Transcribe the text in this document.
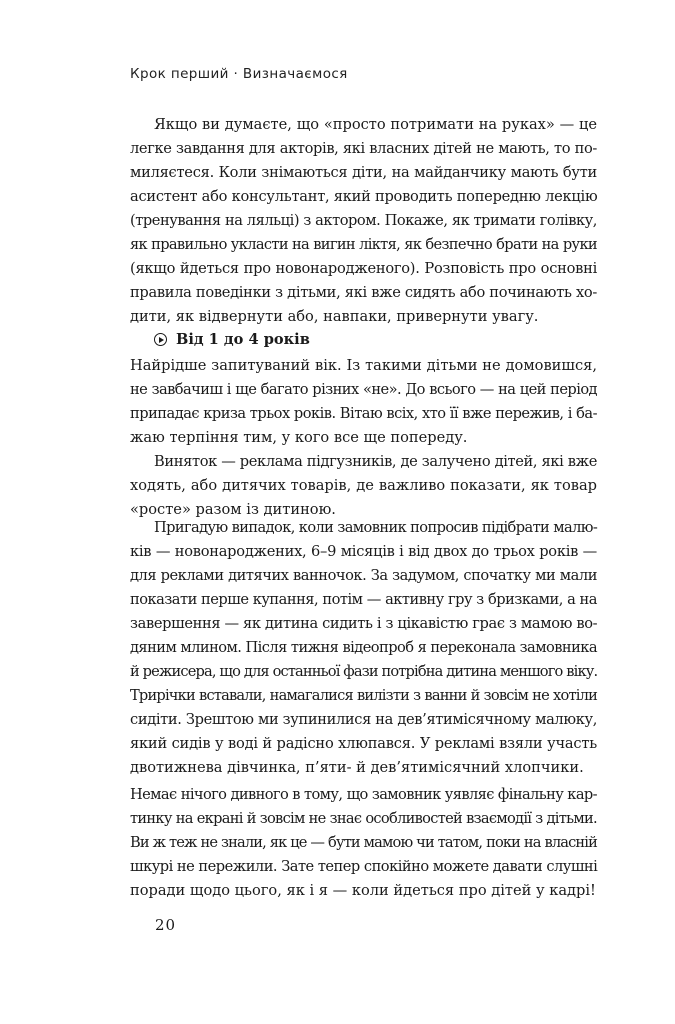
Крок перший · Визначаємося
Якщо ви думаєте, що «просто потримати на руках» — це
легке завдання для акторів, які власних дітей не мають, то по-
миляєтеся. Коли знімаються діти, на майданчику мають бути
асистент або консультант, який проводить попередню лекцію
(тренування на ляльці) з актором. Покаже, як тримати голівку,
як правильно укласти на вигин ліктя, як безпечно брати на руки
(якщо йдеться про новонародженого). Розповість про основні
правила поведінки з дітьми, які вже сидять або починають хо-
дити, як відвернути або, навпаки, привернути увагу.
Від 1 до 4 років
Найрідше запитуваний вік. Із такими дітьми не домовишся,
не завбачиш і ще багато різних «не». До всього — на цей період
припадає криза трьох років. Вітаю всіх, хто її вже пережив, і ба-
жаю терпіння тим, у кого все ще попереду.
Виняток — реклама підгузників, де залучено дітей, які вже
ходять, або дитячих товарів, де важливо показати, як товар
«росте» разом із дитиною.
Пригадую випадок, коли замовник попросив підібрати малю-
ків — новонароджених, 6–9 місяців і від двох до трьох років —
для реклами дитячих ванночок. За задумом, спочатку ми мали
показати перше купання, потім — активну гру з бризками, а на
завершення — як дитина сидить і з цікавістю грає з мамою во-
дяним млином. Після тижня відеопроб я переконала замовника
й режисера, що для останньої фази потрібна дитина меншого віку.
Трирічки вставали, намагалися вилізти з ванни й зовсім не хотіли
сидіти. Зрештою ми зупинилися на дев’ятимісячному малюку,
який сидів у воді й радісно хлюпався. У рекламі взяли участь
двотижнева дівчинка, п’яти- й дев’ятимісячний хлопчики.
Немає нічого дивного в тому, що замовник уявляє фінальну кар-
тинку на екрані й зовсім не знає особливостей взаємодії з дітьми.
Ви ж теж не знали, як це — бути мамою чи татом, поки на власній
шкурі не пережили. Зате тепер спокійно можете давати слушні
поради щодо цього, як і я — коли йдеться про дітей у кадрі!
20
